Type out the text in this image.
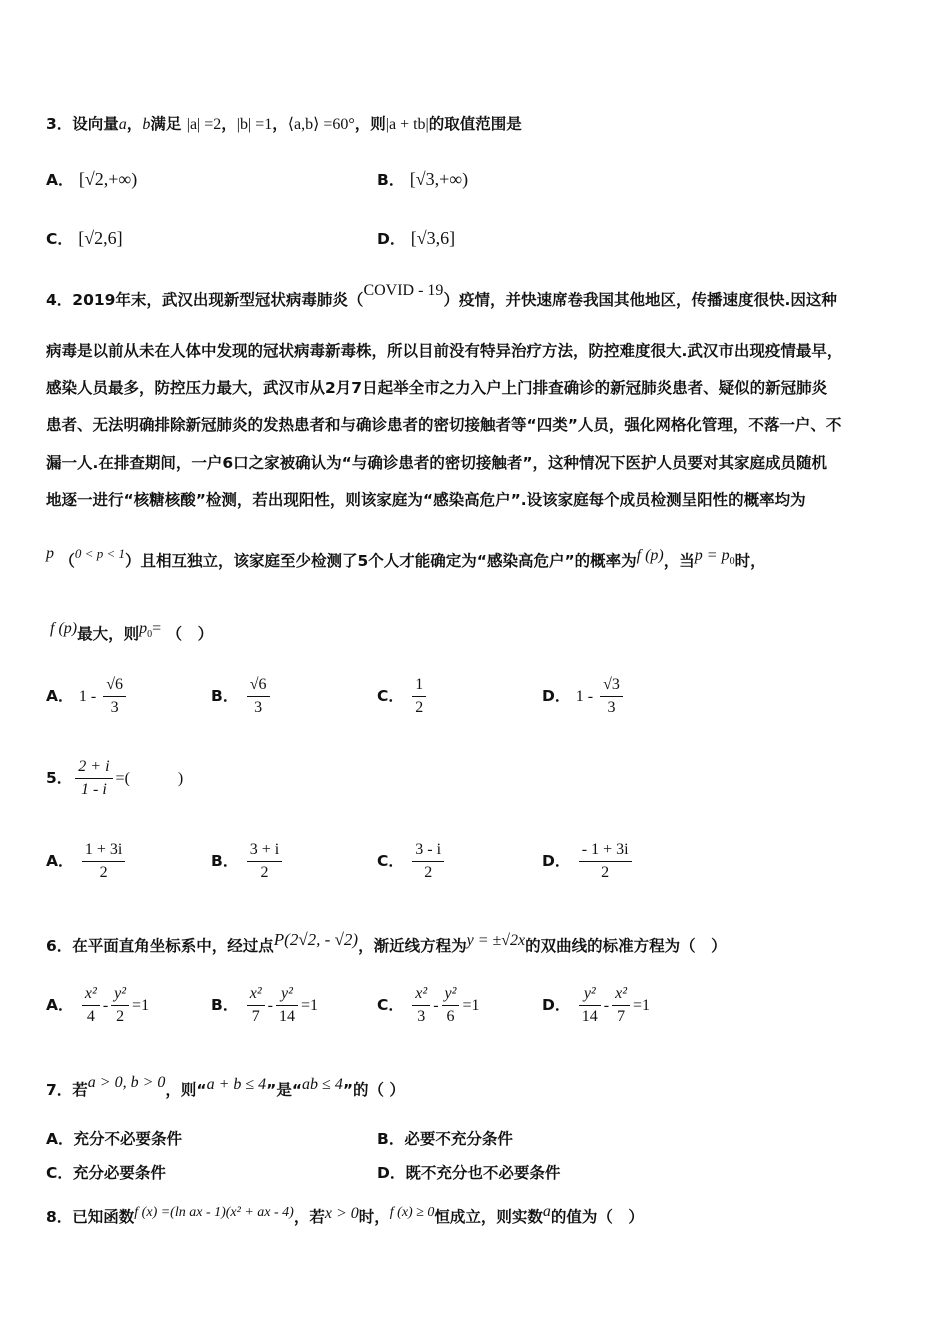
3．设向量a，b满足 |a| =2，|b| =1，⟨a,b⟩ =60°，则|a + tb|的取值范围是
A． [√2,+∞)	B． [√3,+∞)
C． [√2,6]	D． [√3,6]
4．2019年末，武汉出现新型冠状病毒肺炎（COVID - 19）疫情，并快速席卷我国其他地区，传播速度很快.因这种
病毒是以前从未在人体中发现的冠状病毒新毒株，所以目前没有特异治疗方法，防控难度很大.武汉市出现疫情最早，
感染人员最多，防控压力最大，武汉市从2月7日起举全市之力入户上门排查确诊的新冠肺炎患者、疑似的新冠肺炎
患者、无法明确排除新冠肺炎的发热患者和与确诊患者的密切接触者等“四类”人员，强化网格化管理，不落一户、不
漏一人.在排查期间，一户6口之家被确认为“与确诊患者的密切接触者”，这种情况下医护人员要对其家庭成员随机
地逐一进行“核糖核酸”检测，若出现阳性，则该家庭为“感染高危户”.设该家庭每个成员检测呈阳性的概率均为
p （$^{0 < p < 1}$）且相互独立，该家庭至少检测了5个人才能确定为“感染高危户”的概率为f (p)，当$p = p_0$时，
f (p)最大，则$p_0=$ （　）
A． $1 - \frac{√6}{3}$	B． $\frac{√6}{3}$	C． $\frac{1}{2}$	D． $1 - \frac{√3}{3}$
5． $\frac{2 + i}{1 - i}$ =(　　　)
A． $\frac{1 + 3i}{2}$	B． $\frac{3 + i}{2}$	C． $\frac{3 - i}{2}$	D． $\frac{- 1 + 3i}{2}$
6．在平面直角坐标系中，经过点P(2√2, - √2)，渐近线方程为y = ±√2x的双曲线的标准方程为（　）
A． $\frac{\text{x²}}{4} - \frac{\text{y²}}{2} =1$	B． $\frac{\text{x²}}{7} - \frac{\text{y²}}{14} =1$	C． $\frac{\text{x²}}{3} - \frac{\text{y²}}{6} =1$	D． $\frac{\text{y²}}{14} - \frac{\text{x²}}{7} =1$
7．若a > 0, b > 0，则“a + b ≤ 4”是“ab ≤ 4”的（ ）
A．充分不必要条件	B．必要不充分条件
C．充分必要条件	D．既不充分也不必要条件
8．已知函数f (x) =(ln ax - 1)(x² + ax - 4)，若x > 0时，f (x) ≥ 0恒成立，则实数a的值为（　）
